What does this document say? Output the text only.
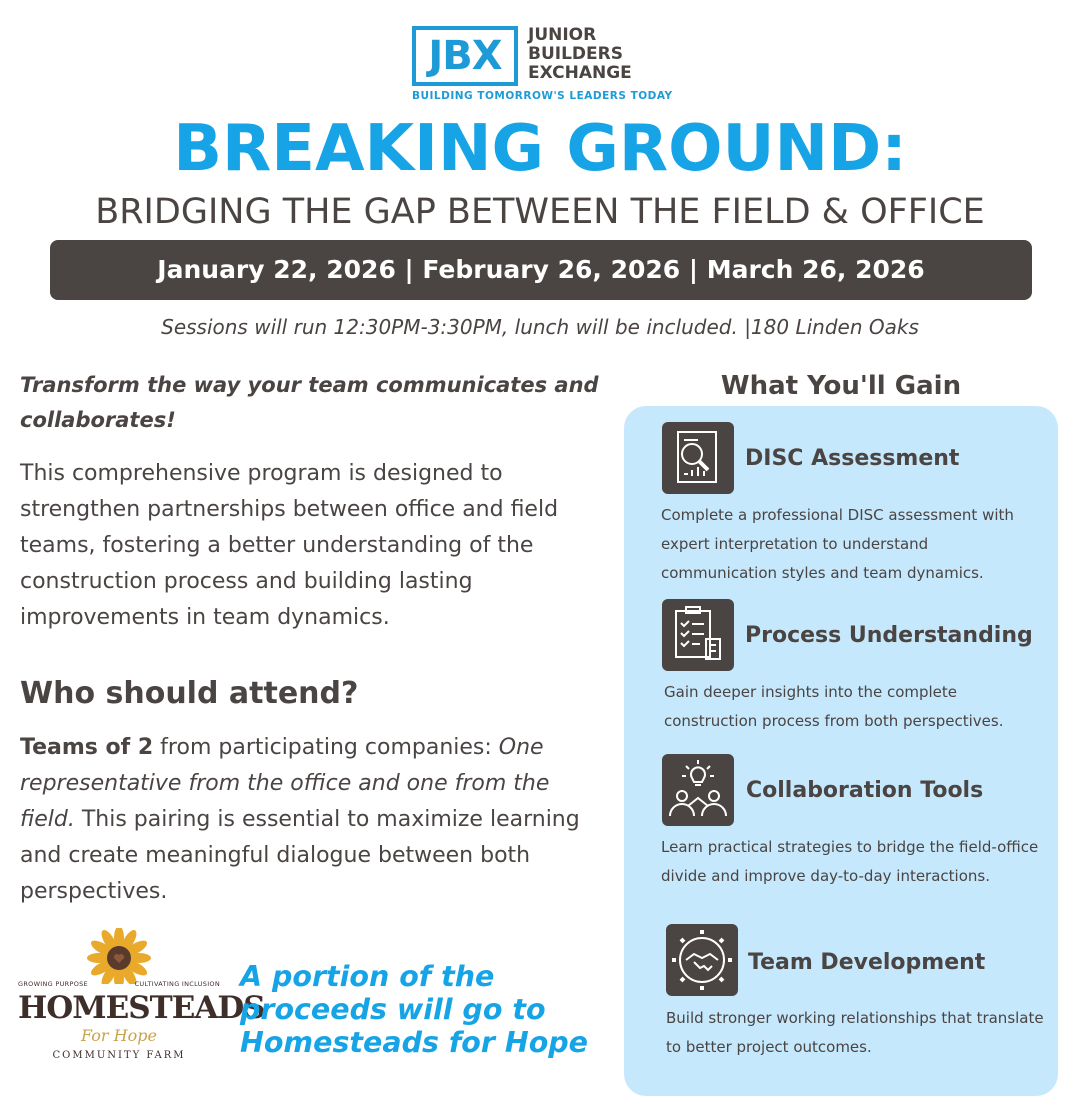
JBX	JUNIOR
BUILDERS
EXCHANGE
BUILDING TOMORROW'S LEADERS TODAY
BREAKING GROUND:
BRIDGING THE GAP BETWEEN THE FIELD & OFFICE
January 22, 2026 | February 26, 2026 | March 26, 2026
Sessions will run 12:30PM-3:30PM, lunch will be included. |180 Linden Oaks
Transform the way your team communicates and collaborates!
This comprehensive program is designed to strengthen partnerships between office and field teams, fostering a better understanding of the construction process and building lasting improvements in team dynamics.
Who should attend?
Teams of 2 from participating companies: One representative from the office and one from the field. This pairing is essential to maximize learning and create meaningful dialogue between both perspectives.
GROWING PURPOSE	CULTIVATING INCLUSION
HOMESTEADS
For Hope
COMMUNITY FARM
A portion of the proceeds will go to Homesteads for Hope
What You'll Gain
DISC Assessment
Complete a professional DISC assessment with expert interpretation to understand communication styles and team dynamics.
Process Understanding
Gain deeper insights into the complete construction process from both perspectives.
Collaboration Tools
Learn practical strategies to bridge the field-office divide and improve day-to-day interactions.
Team Development
Build stronger working relationships that translate to better project outcomes.
